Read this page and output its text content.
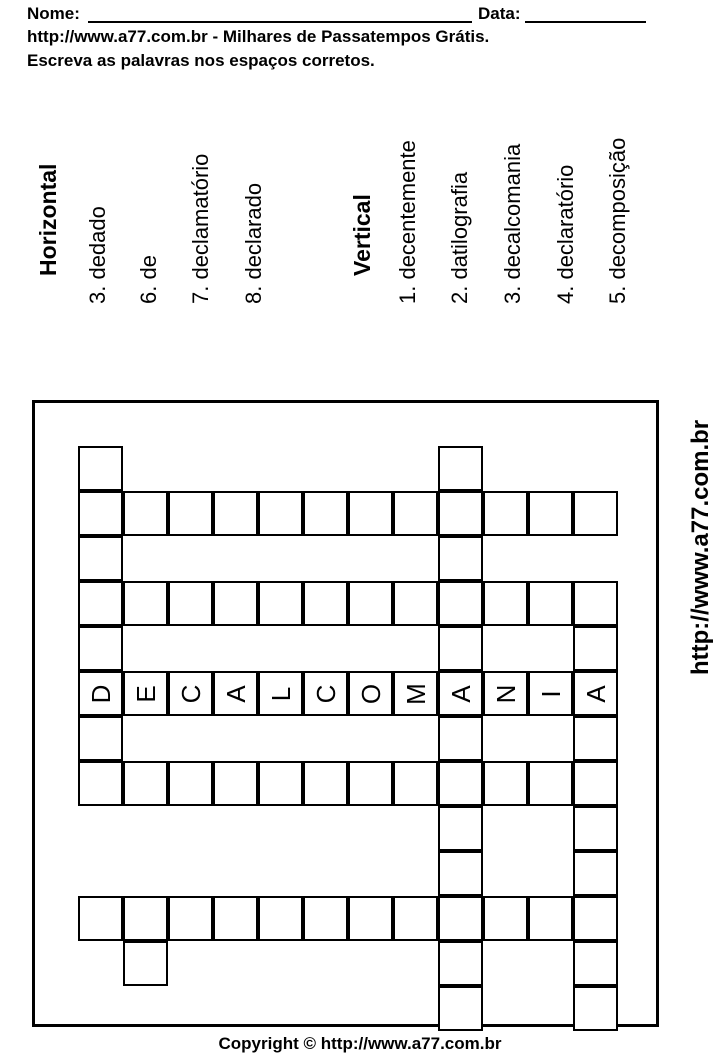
Nome:	Data:
http://www.a77.com.br - Milhares de Passatempos Grátis.
Escreva as palavras nos espaços corretos.
Horizontal 3. dedado 6. de 7. declamatório 8. declarado	Vertical 1. decentemente 2. datilografia 3. decalcomania 4. declaratório 5. decomposição
http://www.a77.com.br
D E C A L C O M A N I A
Copyright © http://www.a77.com.br
